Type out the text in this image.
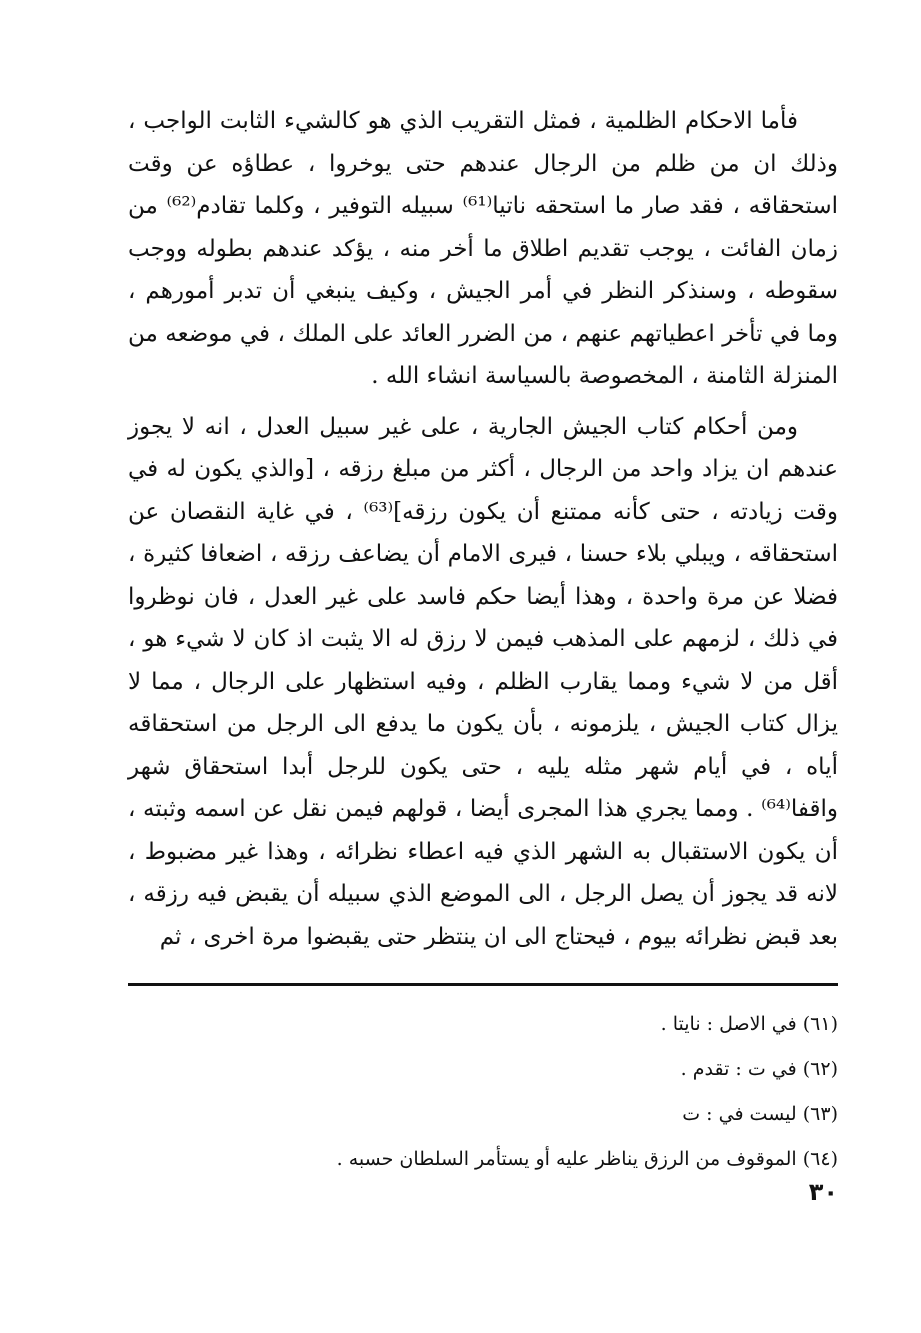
فأما الاحكام الظلمية ، فمثل التقريب الذي هو كالشيء الثابت الواجب ، وذلك ان من ظلم من الرجال عندهم حتى يوخروا ، عطاؤه عن وقت استحقاقه ، فقد صار ما استحقه ناتيا⁽⁶¹⁾ سبيله التوفير ، وكلما تقادم⁽⁶²⁾ من زمان الفائت ، يوجب تقديم اطلاق ما أخر منه ، يؤكد عندهم بطوله ووجب سقوطه ، وسنذكر النظر في أمر الجيش ، وكيف ينبغي أن تدبر أمورهم ، وما في تأخر اعطياتهم عنهم ، من الضرر العائد على الملك ، في موضعه من المنزلة الثامنة ، المخصوصة بالسياسة انشاء الله .

ومن أحكام كتاب الجيش الجارية ، على غير سبيل العدل ، انه لا يجوز عندهم ان يزاد واحد من الرجال ، أكثر من مبلغ رزقه ، [والذي يكون له في وقت زيادته ، حتى كأنه ممتنع أن يكون رزقه]⁽⁶³⁾ ، في غاية النقصان عن استحقاقه ، ويبلي بلاء حسنا ، فيرى الامام أن يضاعف رزقه ، اضعافا كثيرة ، فضلا عن مرة واحدة ، وهذا أيضا حكم فاسد على غير العدل ، فان نوظروا في ذلك ، لزمهم على المذهب فيمن لا رزق له الا يثبت اذ كان لا شيء هو ، أقل من لا شيء ومما يقارب الظلم ، وفيه استظهار على الرجال ، مما لا يزال كتاب الجيش ، يلزمونه ، بأن يكون ما يدفع الى الرجل من استحقاقه أياه ، في أيام شهر مثله يليه ، حتى يكون للرجل أبدا استحقاق شهر واقفا⁽⁶⁴⁾ . ومما يجري هذا المجرى أيضا ، قولهم فيمن نقل عن اسمه وثبته ، أن يكون الاستقبال به الشهر الذي فيه اعطاء نظرائه ، وهذا غير مضبوط ، لانه قد يجوز أن يصل الرجل ، الى الموضع الذي سبيله أن يقبض فيه رزقه ، بعد قبض نظرائه بيوم ، فيحتاج الى ان ينتظر حتى يقبضوا مرة اخرى ، ثم

(٦١) في الاصل : نايتا .
(٦٢) في ت : تقدم .
(٦٣) ليست في : ت
(٦٤) الموقوف من الرزق يناظر عليه أو يستأمر السلطان حسبه .
٣٠
